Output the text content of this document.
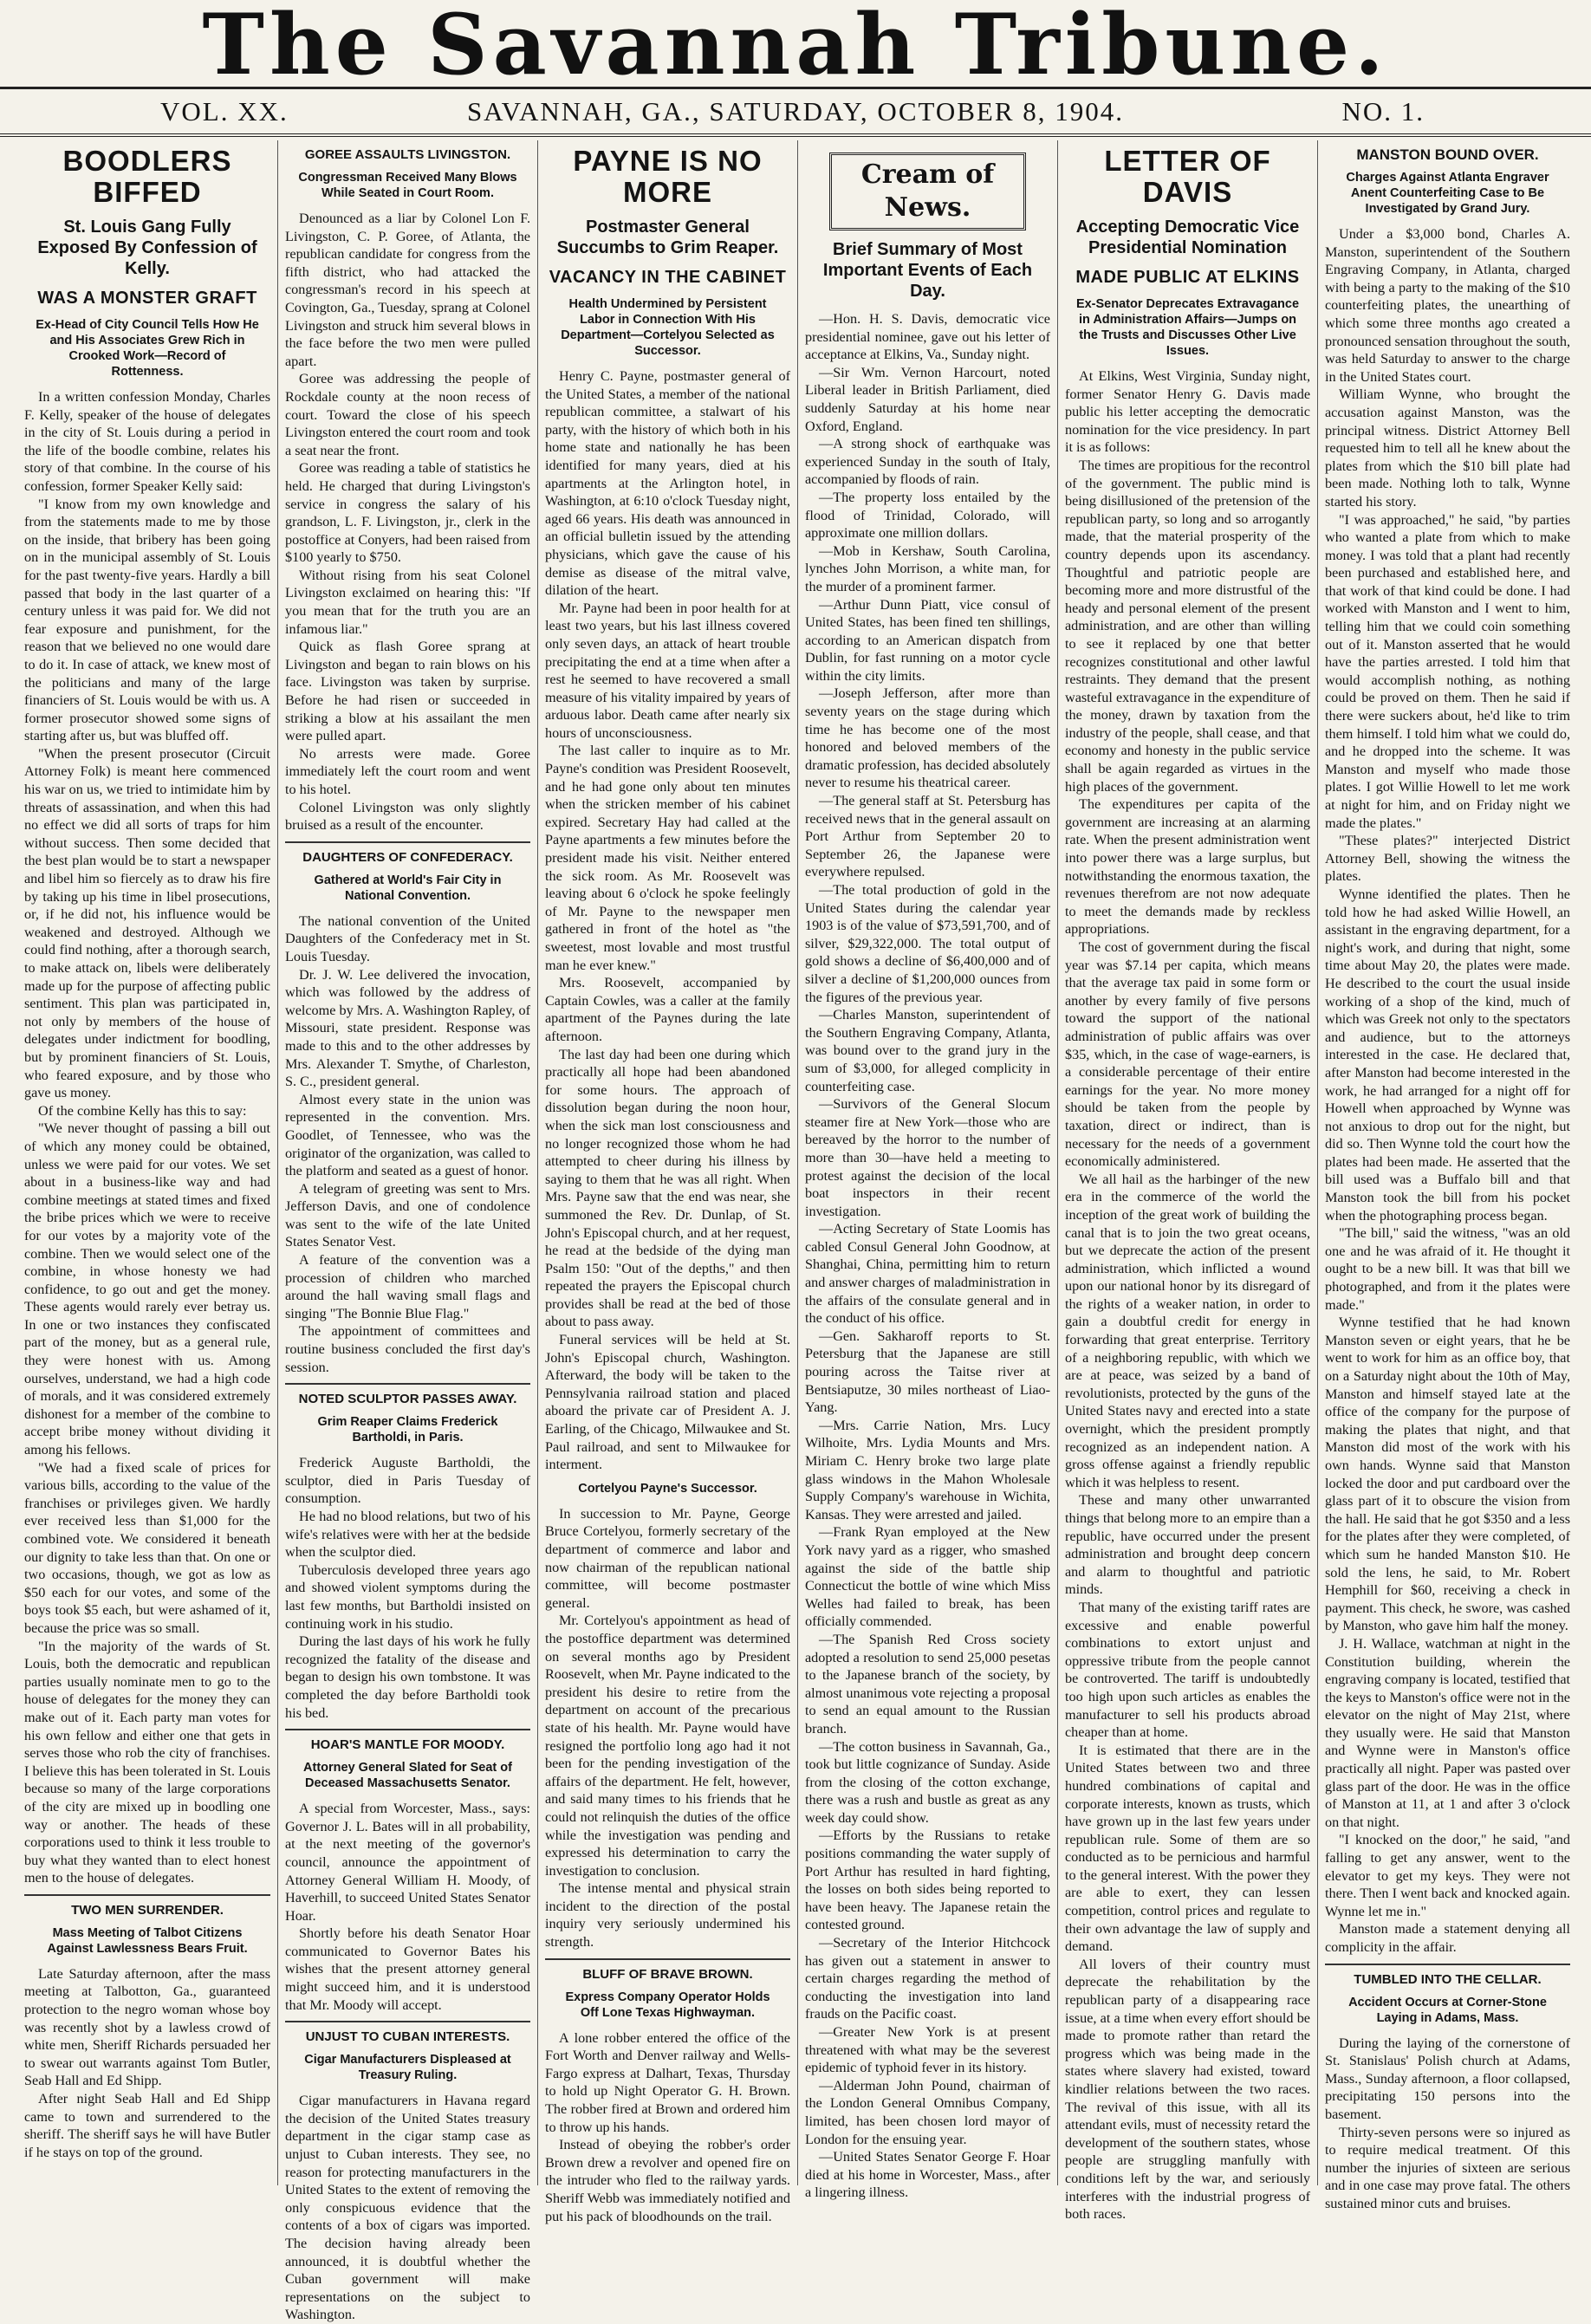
The Savannah Tribune.
VOL. XX.	SAVANNAH, GA., SATURDAY, OCTOBER 8, 1904.	NO. 1.
BOODLERS BIFFED
St. Louis Gang Fully Exposed By Confession of Kelly.
WAS A MONSTER GRAFT
Ex-Head of City Council Tells How He and His Associates Grew Rich in Crooked Work—Record of Rottenness.

In a written confession Monday, Charles F. Kelly, speaker of the house of delegates in the city of St. Louis during a period in the life of the boodle combine, relates his story of that combine. In the course of his confession, former Speaker Kelly said:

"I know from my own knowledge and from the statements made to me by those on the inside, that bribery has been going on in the municipal assembly of St. Louis for the past twenty-five years. Hardly a bill passed that body in the last quarter of a century unless it was paid for. We did not fear exposure and punishment, for the reason that we believed no one would dare to do it. In case of attack, we knew most of the politicians and many of the large financiers of St. Louis would be with us. A former prosecutor showed some signs of starting after us, but was bluffed off.

"When the present prosecutor (Circuit Attorney Folk) is meant here commenced his war on us, we tried to intimidate him by threats of assassination, and when this had no effect we did all sorts of traps for him without success. Then some decided that the best plan would be to start a newspaper and libel him so fiercely as to draw his fire by taking up his time in libel prosecutions, or, if he did not, his influence would be weakened and destroyed. Although we could find nothing, after a thorough search, to make attack on, libels were deliberately made up for the purpose of affecting public sentiment. This plan was participated in, not only by members of the house of delegates under indictment for boodling, but by prominent financiers of St. Louis, who feared exposure, and by those who gave us money.

Of the combine Kelly has this to say:

"We never thought of passing a bill out of which any money could be obtained, unless we were paid for our votes. We set about in a business-like way and had combine meetings at stated times and fixed the bribe prices which we were to receive for our votes by a majority vote of the combine. Then we would select one of the combine, in whose honesty we had confidence, to go out and get the money. These agents would rarely ever betray us. In one or two instances they confiscated part of the money, but as a general rule, they were honest with us. Among ourselves, understand, we had a high code of morals, and it was considered extremely dishonest for a member of the combine to accept bribe money without dividing it among his fellows.

"We had a fixed scale of prices for various bills, according to the value of the franchises or privileges given. We hardly ever received less than $1,000 for the combined vote. We considered it beneath our dignity to take less than that. On one or two occasions, though, we got as low as $50 each for our votes, and some of the boys took $5 each, but were ashamed of it, because the price was so small.

"In the majority of the wards of St. Louis, both the democratic and republican parties usually nominate men to go to the house of delegates for the money they can make out of it. Each party man votes for his own fellow and either one that gets in serves those who rob the city of franchises. I believe this has been tolerated in St. Louis because so many of the large corporations of the city are mixed up in boodling one way or another. The heads of these corporations used to think it less trouble to buy what they wanted than to elect honest men to the house of delegates.

TWO MEN SURRENDER.
Mass Meeting of Talbot Citizens Against Lawlessness Bears Fruit.

Late Saturday afternoon, after the mass meeting at Talbotton, Ga., guaranteed protection to the negro woman whose boy was recently shot by a lawless crowd of white men, Sheriff Richards persuaded her to swear out warrants against Tom Butler, Seab Hall and Ed Shipp.

After night Seab Hall and Ed Shipp came to town and surrendered to the sheriff. The sheriff says he will have Butler if he stays on top of the ground.

GOREE ASSAULTS LIVINGSTON.
Congressman Received Many Blows While Seated in Court Room.

Denounced as a liar by Colonel Lon F. Livingston, C. P. Goree, of Atlanta, the republican candidate for congress from the fifth district, who had attacked the congressman's record in his speech at Covington, Ga., Tuesday, sprang at Colonel Livingston and struck him several blows in the face before the two men were pulled apart.

Goree was addressing the people of Rockdale county at the noon recess of court. Toward the close of his speech Livingston entered the court room and took a seat near the front.

Goree was reading a table of statistics he held. He charged that during Livingston's service in congress the salary of his grandson, L. F. Livingston, jr., clerk in the postoffice at Conyers, had been raised from $100 yearly to $750.

Without rising from his seat Colonel Livingston exclaimed on hearing this: "If you mean that for the truth you are an infamous liar."

Quick as flash Goree sprang at Livingston and began to rain blows on his face. Livingston was taken by surprise. Before he had risen or succeeded in striking a blow at his assailant the men were pulled apart.

No arrests were made. Goree immediately left the court room and went to his hotel.

Colonel Livingston was only slightly bruised as a result of the encounter.

DAUGHTERS OF CONFEDERACY.
Gathered at World's Fair City in National Convention.

The national convention of the United Daughters of the Confederacy met in St. Louis Tuesday.

Dr. J. W. Lee delivered the invocation, which was followed by the address of welcome by Mrs. A. Washington Rapley, of Missouri, state president. Response was made to this and to the other addresses by Mrs. Alexander T. Smythe, of Charleston, S. C., president general.

Almost every state in the union was represented in the convention. Mrs. Goodlet, of Tennessee, who was the originator of the organization, was called to the platform and seated as a guest of honor.

A telegram of greeting was sent to Mrs. Jefferson Davis, and one of condolence was sent to the wife of the late United States Senator Vest.

A feature of the convention was a procession of children who marched around the hall waving small flags and singing "The Bonnie Blue Flag."

The appointment of committees and routine business concluded the first day's session.

NOTED SCULPTOR PASSES AWAY.
Grim Reaper Claims Frederick Bartholdi, in Paris.

Frederick Auguste Bartholdi, the sculptor, died in Paris Tuesday of consumption.

He had no blood relations, but two of his wife's relatives were with her at the bedside when the sculptor died.

Tuberculosis developed three years ago and showed violent symptoms during the last few months, but Bartholdi insisted on continuing work in his studio.

During the last days of his work he fully recognized the fatality of the disease and began to design his own tombstone. It was completed the day before Bartholdi took his bed.

HOAR'S MANTLE FOR MOODY.
Attorney General Slated for Seat of Deceased Massachusetts Senator.

A special from Worcester, Mass., says: Governor J. L. Bates will in all probability, at the next meeting of the governor's council, announce the appointment of Attorney General William H. Moody, of Haverhill, to succeed United States Senator Hoar.

Shortly before his death Senator Hoar communicated to Governor Bates his wishes that the present attorney general might succeed him, and it is understood that Mr. Moody will accept.

UNJUST TO CUBAN INTERESTS.
Cigar Manufacturers Displeased at Treasury Ruling.

Cigar manufacturers in Havana regard the decision of the United States treasury department in the cigar stamp case as unjust to Cuban interests. They see, no reason for protecting manufacturers in the United States to the extent of removing the only conspicuous evidence that the contents of a box of cigars was imported. The decision having already been announced, it is doubtful whether the Cuban government will make representations on the subject to Washington.

PAYNE IS NO MORE
Postmaster General Succumbs to Grim Reaper.
VACANCY IN THE CABINET
Health Undermined by Persistent Labor in Connection With His Department—Cortelyou Selected as Successor.

Henry C. Payne, postmaster general of the United States, a member of the national republican committee, a stalwart of his party, with the history of which both in his home state and nationally he has been identified for many years, died at his apartments at the Arlington hotel, in Washington, at 6:10 o'clock Tuesday night, aged 66 years. His death was announced in an official bulletin issued by the attending physicians, which gave the cause of his demise as disease of the mitral valve, dilation of the heart.

Mr. Payne had been in poor health for at least two years, but his last illness covered only seven days, an attack of heart trouble precipitating the end at a time when after a rest he seemed to have recovered a small measure of his vitality impaired by years of arduous labor. Death came after nearly six hours of unconsciousness.

The last caller to inquire as to Mr. Payne's condition was President Roosevelt, and he had gone only about ten minutes when the stricken member of his cabinet expired. Secretary Hay had called at the Payne apartments a few minutes before the president made his visit. Neither entered the sick room. As Mr. Roosevelt was leaving about 6 o'clock he spoke feelingly of Mr. Payne to the newspaper men gathered in front of the hotel as "the sweetest, most lovable and most trustful man he ever knew."

Mrs. Roosevelt, accompanied by Captain Cowles, was a caller at the family apartment of the Paynes during the late afternoon.

The last day had been one during which practically all hope had been abandoned for some hours. The approach of dissolution began during the noon hour, when the sick man lost consciousness and no longer recognized those whom he had attempted to cheer during his illness by saying to them that he was all right. When Mrs. Payne saw that the end was near, she summoned the Rev. Dr. Dunlap, of St. John's Episcopal church, and at her request, he read at the bedside of the dying man Psalm 150: "Out of the depths," and then repeated the prayers the Episcopal church provides shall be read at the bed of those about to pass away.

Funeral services will be held at St. John's Episcopal church, Washington. Afterward, the body will be taken to the Pennsylvania railroad station and placed aboard the private car of President A. J. Earling, of the Chicago, Milwaukee and St. Paul railroad, and sent to Milwaukee for interment.

Cortelyou Payne's Successor.

In succession to Mr. Payne, George Bruce Cortelyou, formerly secretary of the department of commerce and labor and now chairman of the republican national committee, will become postmaster general.

Mr. Cortelyou's appointment as head of the postoffice department was determined on several months ago by President Roosevelt, when Mr. Payne indicated to the president his desire to retire from the department on account of the precarious state of his health. Mr. Payne would have resigned the portfolio long ago had it not been for the pending investigation of the affairs of the department. He felt, however, and said many times to his friends that he could not relinquish the duties of the office while the investigation was pending and expressed his determination to carry the investigation to conclusion.

The intense mental and physical strain incident to the direction of the postal inquiry very seriously undermined his strength.

BLUFF OF BRAVE BROWN.
Express Company Operator Holds Off Lone Texas Highwayman.

A lone robber entered the office of the Fort Worth and Denver railway and Wells-Fargo express at Dalhart, Texas, Thursday to hold up Night Operator G. H. Brown. The robber fired at Brown and ordered him to throw up his hands.

Instead of obeying the robber's order Brown drew a revolver and opened fire on the intruder who fled to the railway yards. Sheriff Webb was immediately notified and put his pack of bloodhounds on the trail.

Cream of News.
Brief Summary of Most Important Events of Each Day.

—Hon. H. S. Davis, democratic vice presidential nominee, gave out his letter of acceptance at Elkins, Va., Sunday night.

—Sir Wm. Vernon Harcourt, noted Liberal leader in British Parliament, died suddenly Saturday at his home near Oxford, England.

—A strong shock of earthquake was experienced Sunday in the south of Italy, accompanied by floods of rain.

—The property loss entailed by the flood of Trinidad, Colorado, will approximate one million dollars.

—Mob in Kershaw, South Carolina, lynches John Morrison, a white man, for the murder of a prominent farmer.

—Arthur Dunn Piatt, vice consul of United States, has been fined ten shillings, according to an American dispatch from Dublin, for fast running on a motor cycle within the city limits.

—Joseph Jefferson, after more than seventy years on the stage during which time he has become one of the most honored and beloved members of the dramatic profession, has decided absolutely never to resume his theatrical career.

—The general staff at St. Petersburg has received news that in the general assault on Port Arthur from September 20 to September 26, the Japanese were everywhere repulsed.

—The total production of gold in the United States during the calendar year 1903 is of the value of $73,591,700, and of silver, $29,322,000. The total output of gold shows a decline of $6,400,000 and of silver a decline of $1,200,000 ounces from the figures of the previous year.

—Charles Manston, superintendent of the Southern Engraving Company, Atlanta, was bound over to the grand jury in the sum of $3,000, for alleged complicity in counterfeiting case.

—Survivors of the General Slocum steamer fire at New York—those who are bereaved by the horror to the number of more than 30—have held a meeting to protest against the decision of the local boat inspectors in their recent investigation.

—Acting Secretary of State Loomis has cabled Consul General John Goodnow, at Shanghai, China, permitting him to return and answer charges of maladministration in the affairs of the consulate general and in the conduct of his office.

—Gen. Sakharoff reports to St. Petersburg that the Japanese are still pouring across the Taitse river at Bentsiaputze, 30 miles northeast of Liao-Yang.

—Mrs. Carrie Nation, Mrs. Lucy Wilhoite, Mrs. Lydia Mounts and Mrs. Miriam C. Henry broke two large plate glass windows in the Mahon Wholesale Supply Company's warehouse in Wichita, Kansas. They were arrested and jailed.

—Frank Ryan employed at the New York navy yard as a rigger, who smashed against the side of the battle ship Connecticut the bottle of wine which Miss Welles had failed to break, has been officially commended.

—The Spanish Red Cross society adopted a resolution to send 25,000 pesetas to the Japanese branch of the society, by almost unanimous vote rejecting a proposal to send an equal amount to the Russian branch.

—The cotton business in Savannah, Ga., took but little cognizance of Sunday. Aside from the closing of the cotton exchange, there was a rush and bustle as great as any week day could show.

—Efforts by the Russians to retake positions commanding the water supply of Port Arthur has resulted in hard fighting, the losses on both sides being reported to have been heavy. The Japanese retain the contested ground.

—Secretary of the Interior Hitchcock has given out a statement in answer to certain charges regarding the method of conducting the investigation into land frauds on the Pacific coast.

—Greater New York is at present threatened with what may be the severest epidemic of typhoid fever in its history.

—Alderman John Pound, chairman of the London General Omnibus Company, limited, has been chosen lord mayor of London for the ensuing year.

—United States Senator George F. Hoar died at his home in Worcester, Mass., after a lingering illness.

LETTER OF DAVIS
Accepting Democratic Vice Presidential Nomination
MADE PUBLIC AT ELKINS
Ex-Senator Deprecates Extravagance in Administration Affairs—Jumps on the Trusts and Discusses Other Live Issues.

At Elkins, West Virginia, Sunday night, former Senator Henry G. Davis made public his letter accepting the democratic nomination for the vice presidency. In part it is as follows:

The times are propitious for the recontrol of the government. The public mind is being disillusioned of the pretension of the republican party, so long and so arrogantly made, that the material prosperity of the country depends upon its ascendancy. Thoughtful and patriotic people are becoming more and more distrustful of the heady and personal element of the present administration, and are other than willing to see it replaced by one that better recognizes constitutional and other lawful restraints. They demand that the present wasteful extravagance in the expenditure of the money, drawn by taxation from the industry of the people, shall cease, and that economy and honesty in the public service shall be again regarded as virtues in the high places of the government.

The expenditures per capita of the government are increasing at an alarming rate. When the present administration went into power there was a large surplus, but notwithstanding the enormous taxation, the revenues therefrom are not now adequate to meet the demands made by reckless appropriations.

The cost of government during the fiscal year was $7.14 per capita, which means that the average tax paid in some form or another by every family of five persons toward the support of the national administration of public affairs was over $35, which, in the case of wage-earners, is a considerable percentage of their entire earnings for the year. No more money should be taken from the people by taxation, direct or indirect, than is necessary for the needs of a government economically administered.

We all hail as the harbinger of the new era in the commerce of the world the inception of the great work of building the canal that is to join the two great oceans, but we deprecate the action of the present administration, which inflicted a wound upon our national honor by its disregard of the rights of a weaker nation, in order to gain a doubtful credit for energy in forwarding that great enterprise. Territory of a neighboring republic, with which we are at peace, was seized by a band of revolutionists, protected by the guns of the United States navy and erected into a state overnight, which the president promptly recognized as an independent nation. A gross offense against a friendly republic which it was helpless to resent.

These and many other unwarranted things that belong more to an empire than a republic, have occurred under the present administration and brought deep concern and alarm to thoughtful and patriotic minds.

That many of the existing tariff rates are excessive and enable powerful combinations to extort unjust and oppressive tribute from the people cannot be controverted. The tariff is undoubtedly too high upon such articles as enables the manufacturer to sell his products abroad cheaper than at home.

It is estimated that there are in the United States between two and three hundred combinations of capital and corporate interests, known as trusts, which have grown up in the last few years under republican rule. Some of them are so conducted as to be pernicious and harmful to the general interest. With the power they are able to exert, they can lessen competition, control prices and regulate to their own advantage the law of supply and demand.

All lovers of their country must deprecate the rehabilitation by the republican party of a disappearing race issue, at a time when every effort should be made to promote rather than retard the progress which was being made in the states where slavery had existed, toward kindlier relations between the two races. The revival of this issue, with all its attendant evils, must of necessity retard the development of the southern states, whose people are struggling manfully with conditions left by the war, and seriously interferes with the industrial progress of both races.

MANSTON BOUND OVER.
Charges Against Atlanta Engraver Anent Counterfeiting Case to Be Investigated by Grand Jury.

Under a $3,000 bond, Charles A. Manston, superintendent of the Southern Engraving Company, in Atlanta, charged with being a party to the making of the $10 counterfeiting plates, the unearthing of which some three months ago created a pronounced sensation throughout the south, was held Saturday to answer to the charge in the United States court.

William Wynne, who brought the accusation against Manston, was the principal witness. District Attorney Bell requested him to tell all he knew about the plates from which the $10 bill plate had been made. Nothing loth to talk, Wynne started his story.

"I was approached," he said, "by parties who wanted a plate from which to make money. I was told that a plant had recently been purchased and established here, and that work of that kind could be done. I had worked with Manston and I went to him, telling him that we could coin something out of it. Manston asserted that he would have the parties arrested. I told him that would accomplish nothing, as nothing could be proved on them. Then he said if there were suckers about, he'd like to trim them himself. I told him what we could do, and he dropped into the scheme. It was Manston and myself who made those plates. I got Willie Howell to let me work at night for him, and on Friday night we made the plates."

"These plates?" interjected District Attorney Bell, showing the witness the plates.

Wynne identified the plates. Then he told how he had asked Willie Howell, an assistant in the engraving department, for a night's work, and during that night, some time about May 20, the plates were made. He described to the court the usual inside working of a shop of the kind, much of which was Greek not only to the spectators and audience, but to the attorneys interested in the case. He declared that, after Manston had become interested in the work, he had arranged for a night off for Howell when approached by Wynne was not anxious to drop out for the night, but did so. Then Wynne told the court how the plates had been made. He asserted that the bill used was a Buffalo bill and that Manston took the bill from his pocket when the photographing process began.

"The bill," said the witness, "was an old one and he was afraid of it. He thought it ought to be a new bill. It was that bill we photographed, and from it the plates were made."

Wynne testified that he had known Manston seven or eight years, that he be went to work for him as an office boy, that on a Saturday night about the 10th of May, Manston and himself stayed late at the office of the company for the purpose of making the plates that night, and that Manston did most of the work with his own hands. Wynne said that Manston locked the door and put cardboard over the glass part of it to obscure the vision from the hall. He said that he got $350 and a less for the plates after they were completed, of which sum he handed Manston $10. He sold the lens, he said, to Mr. Robert Hemphill for $60, receiving a check in payment. This check, he swore, was cashed by Manston, who gave him half the money.

J. H. Wallace, watchman at night in the Constitution building, wherein the engraving company is located, testified that the keys to Manston's office were not in the elevator on the night of May 21st, where they usually were. He said that Manston and Wynne were in Manston's office practically all night. Paper was pasted over glass part of the door. He was in the office of Manston at 11, at 1 and after 3 o'clock on that night.

"I knocked on the door," he said, "and falling to get any answer, went to the elevator to get my keys. They were not there. Then I went back and knocked again. Wynne let me in."

Manston made a statement denying all complicity in the affair.

TUMBLED INTO THE CELLAR.
Accident Occurs at Corner-Stone Laying in Adams, Mass.

During the laying of the cornerstone of St. Stanislaus' Polish church at Adams, Mass., Sunday afternoon, a floor collapsed, precipitating 150 persons into the basement.

Thirty-seven persons were so injured as to require medical treatment. Of this number the injuries of sixteen are serious and in one case may prove fatal. The others sustained minor cuts and bruises.
